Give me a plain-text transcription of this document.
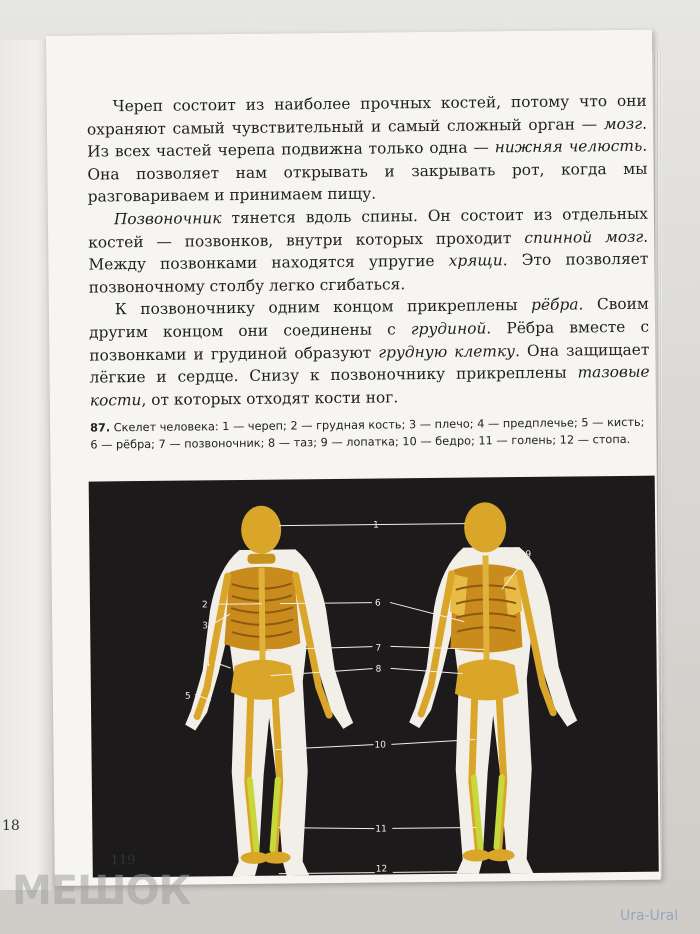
Череп состоит из наиболее прочных костей, потому что они охраняют самый чувствительный и самый сложный орган — мозг. Из всех частей черепа подвижна только одна — нижняя челюсть. Она позволяет нам открывать и закрывать рот, когда мы разговариваем и принимаем пищу.

Позвоночник тянется вдоль спины. Он состоит из отдельных костей — позвонков, внутри которых проходит спинной мозг. Между позвонками находятся упругие хрящи. Это позволяет позвоночному столбу легко сгибаться.

К позвоночнику одним концом прикреплены рёбра. Своим другим концом они соединены с грудиной. Рёбра вместе с позвонками и грудиной образуют грудную клетку. Она защищает лёгкие и сердце. Снизу к позвоночнику прикреплены тазовые кости, от которых отходят кости ног.

87. Скелет человека: 1 — череп; 2 — грудная кость; 3 — плечо; 4 — предплечье; 5 — кисть; 6 — рёбра; 7 — позвоночник; 8 — таз; 9 — лопатка; 10 — бедро; 11 — голень; 12 — стопа.
1
2
3
4
5
6
7
8
9
10
11
12
119
18
МЕШОК
Ura-Ural
